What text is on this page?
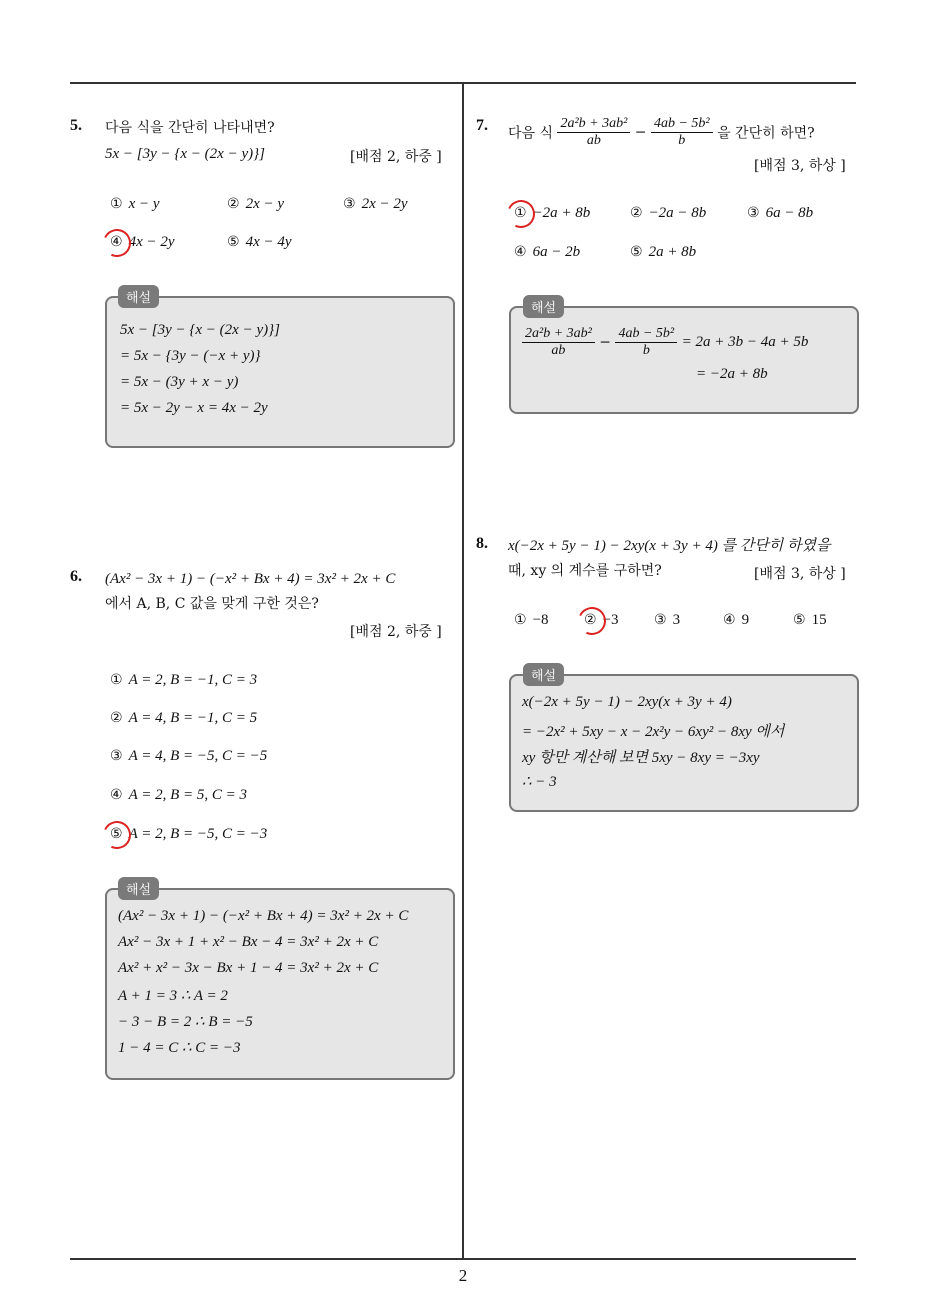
5. 다음 식을 간단히 나타내면?
5x − [3y − {x − (2x − y)}]	[배점 2, 하중 ]
① x − y	② 2x − y	③ 2x − 2y
④ 4x − 2y	⑤ 4x − 4y
해설
5x − [3y − {x − (2x − y)}]
= 5x − {3y − (−x + y)}
= 5x − (3y + x − y)
= 5x − 2y − x = 4x − 2y
6. (Ax² − 3x + 1) − (−x² + Bx + 4) = 3x² + 2x + C
에서 A, B, C 값을 맞게 구한 것은?
[배점 2, 하중 ]
① A = 2, B = −1, C = 3
② A = 4, B = −1, C = 5
③ A = 4, B = −5, C = −5
④ A = 2, B = 5, C = 3
⑤ A = 2, B = −5, C = −3
해설
(Ax² − 3x + 1) − (−x² + Bx + 4) = 3x² + 2x + C
Ax² − 3x + 1 + x² − Bx − 4 = 3x² + 2x + C
Ax² + x² − 3x − Bx + 1 − 4 = 3x² + 2x + C
A + 1 = 3 ∴ A = 2
− 3 − B = 2 ∴ B = −5
1 − 4 = C ∴ C = −3
7. 다음 식 $\frac{\text{2a²b + 3ab²}}{ab} - \frac{\text{4ab − 5b²}}{b}$ 을 간단히 하면?
[배점 3, 하상 ]
① −2a + 8b	② −2a − 8b	③ 6a − 8b
④ 6a − 2b	⑤ 2a + 8b
해설
$\frac{\text{2a²b + 3ab²}}{ab} - \frac{\text{4ab − 5b²}}{b} = 2a + 3b - 4a + 5b$
= −2a + 8b
8. x(−2x + 5y − 1) − 2xy(x + 3y + 4) 를 간단히 하였을
때, xy 의 계수를 구하면?	[배점 3, 하상 ]
① −8	② −3	③ 3	④ 9	⑤ 15
해설
x(−2x + 5y − 1) − 2xy(x + 3y + 4)
= −2x² + 5xy − x − 2x²y − 6xy² − 8xy 에서
xy 항만 계산해 보면 5xy − 8xy = −3xy
∴ − 3
2
